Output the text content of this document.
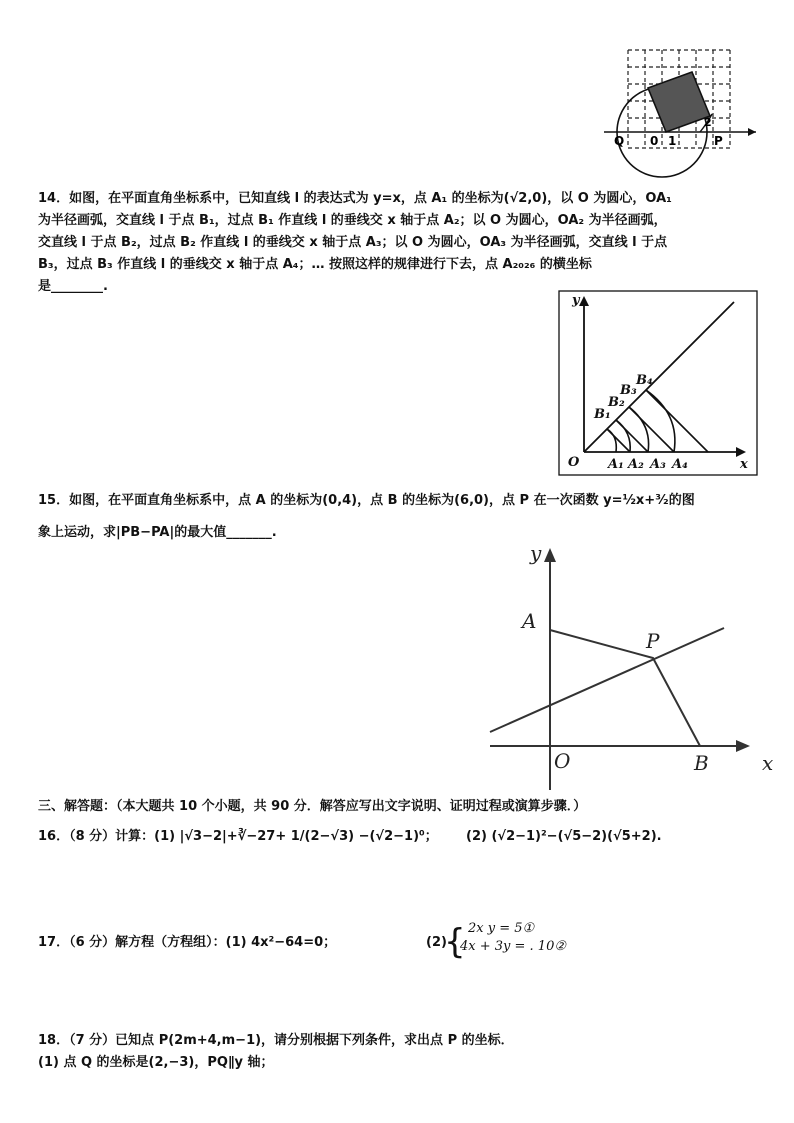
Q 0 1
2
P
14．如图，在平面直角坐标系中，已知直线 l 的表达式为 y=x，点 A₁ 的坐标为(√2,0)，以 O 为圆心，OA₁
为半径画弧，交直线 l 于点 B₁，过点 B₁ 作直线 l 的垂线交 x 轴于点 A₂；以 O 为圆心，OA₂ 为半径画弧，
交直线 l 于点 B₂，过点 B₂ 作直线 l 的垂线交 x 轴于点 A₃；以 O 为圆心，OA₃ 为半径画弧，交直线 l 于点
B₃，过点 B₃ 作直线 l 的垂线交 x 轴于点 A₄；… 按照这样的规律进行下去，点 A₂₀₂₆ 的横坐标
是________.
y
x
O A₁ A₂ A₃ A₄
B₁
B₂
B₃
B₄
15．如图，在平面直角坐标系中，点 A 的坐标为(0,4)，点 B 的坐标为(6,0)，点 P 在一次函数 y=½x+³⁄₂的图
象上运动，求|PB−PA|的最大值_______.
y
x
A
O
P
B
三、解答题：（本大题共 10 个小题，共 90 分．解答应写出文字说明、证明过程或演算步骤．）
16．（8 分）计算：(1) |√3−2|+∛−27+ 1/(2−√3) −(√2−1)⁰； (2) (√2−1)²−(√5−2)(√5+2).
17．（6 分）解方程（方程组）：(1) 4x²−64=0；	(2)
{ 2x y = 5①
4x + 3y = . 10②
18．（7 分）已知点 P(2m+4,m−1)，请分别根据下列条件，求出点 P 的坐标．
(1) 点 Q 的坐标是(2,−3)，PQ∥y 轴；
